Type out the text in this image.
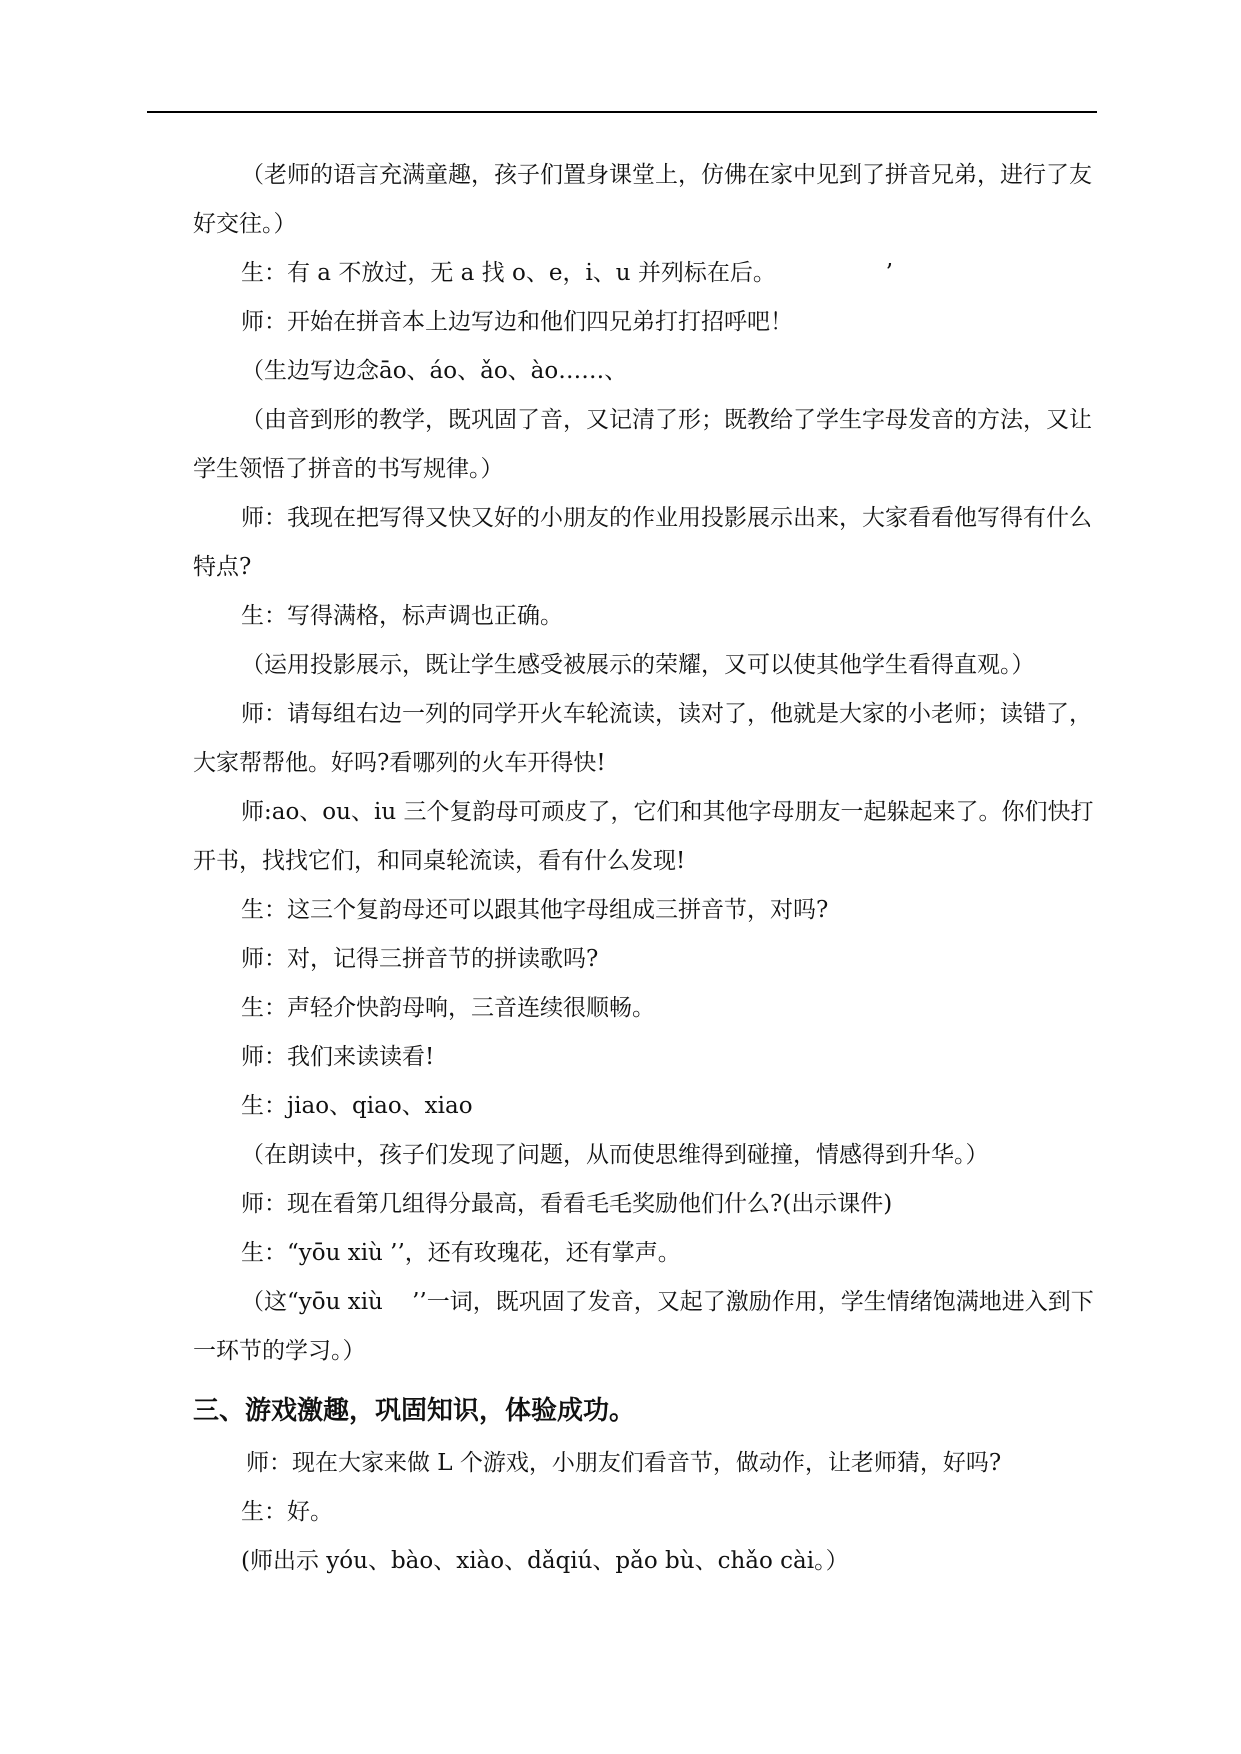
（老师的语言充满童趣，孩子们置身课堂上，仿佛在家中见到了拼音兄弟，进行了友好交往。）

生：有 a 不放过，无 a 找 o、e，i、u 并列标在后。               ’

师：开始在拼音本上边写边和他们四兄弟打打招呼吧！

（生边写边念āo、áo、ǎo、ào……、

（由音到形的教学，既巩固了音，又记清了形；既教给了学生字母发音的方法，又让学生领悟了拼音的书写规律。）

师：我现在把写得又快又好的小朋友的作业用投影展示出来，大家看看他写得有什么特点?

生：写得满格，标声调也正确。

（运用投影展示，既让学生感受被展示的荣耀，又可以使其他学生看得直观。）

师：请每组右边一列的同学开火车轮流读，读对了，他就是大家的小老师；读错了，大家帮帮他。好吗?看哪列的火车开得快!

师:ao、ou、iu 三个复韵母可顽皮了，它们和其他字母朋友一起躲起来了。你们快打开书，找找它们，和同桌轮流读，看有什么发现!

生：这三个复韵母还可以跟其他字母组成三拼音节，对吗?

师：对，记得三拼音节的拼读歌吗?

生：声轻介快韵母响，三音连续很顺畅。

师：我们来读读看!

生：jiao、qiao、xiao

（在朗读中，孩子们发现了问题，从而使思维得到碰撞，情感得到升华。）

师：现在看第几组得分最高，看看毛毛奖励他们什么?(出示课件)

生：“yōu xiù ’’，还有玫瑰花，还有掌声。

（这“yōu xiù    ’’一词，既巩固了发音，又起了激励作用，学生情绪饱满地进入到下一环节的学习。）

三、游戏激趣，巩固知识，体验成功。

师：现在大家来做 L 个游戏，小朋友们看音节，做动作，让老师猜，好吗?

生：好。

(师出示 yóu、bào、xiào、dǎqiú、pǎo bù、chǎo cài。）
